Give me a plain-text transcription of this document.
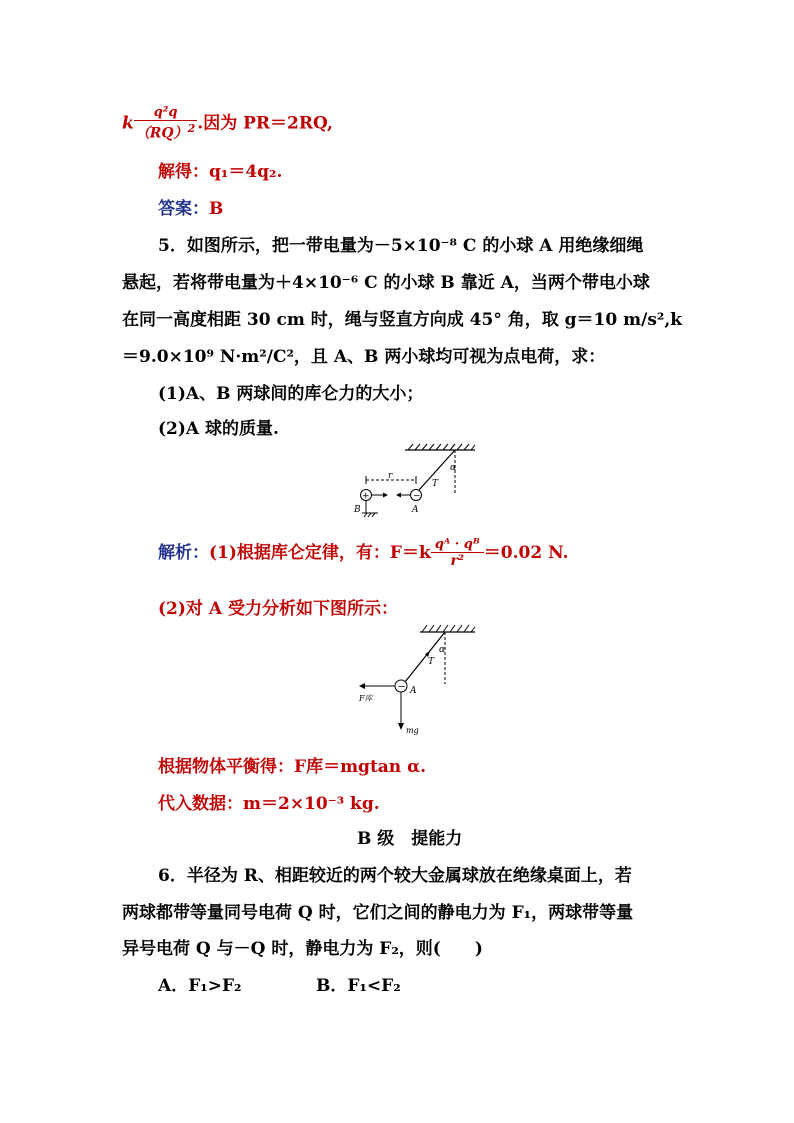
k $\frac{\text{q²q}}{(RQ)^2}$ .因为 PR＝2RQ,
解得：q₁＝4q₂.
答案：B
5．如图所示，把一带电量为－5×10⁻⁸ C 的小球 A 用绝缘细绳
悬起，若将带电量为＋4×10⁻⁶ C 的小球 B 靠近 A，当两个带电小球
在同一高度相距 30 cm 时，绳与竖直方向成 45° 角，取 g＝10 m/s²,k
＝9.0×10⁹ N·m²/C²，且 A、B 两小球均可视为点电荷，求：
(1)A、B 两球间的库仑力的大小；
(2)A 球的质量.
α
T
−
+
r
B	A
解析：(1)根据库仑定律，有：$F=k \frac{\text{qᴬ · qᴮ}}{\text{r²}} =0.02$ N.
(2)对 A 受力分析如下图所示：
α
T
−
F库
mg
A
根据物体平衡得：F库＝mgtan α.
代入数据：m＝2×10⁻³ kg.
B 级　提能力
6．半径为 R、相距较近的两个较大金属球放在绝缘桌面上，若
两球都带等量同号电荷 Q 时，它们之间的静电力为 F₁，两球带等量
异号电荷 Q 与－Q 时，静电力为 F₂，则(　　)
A．F₁>F₂	B．F₁<F₂
